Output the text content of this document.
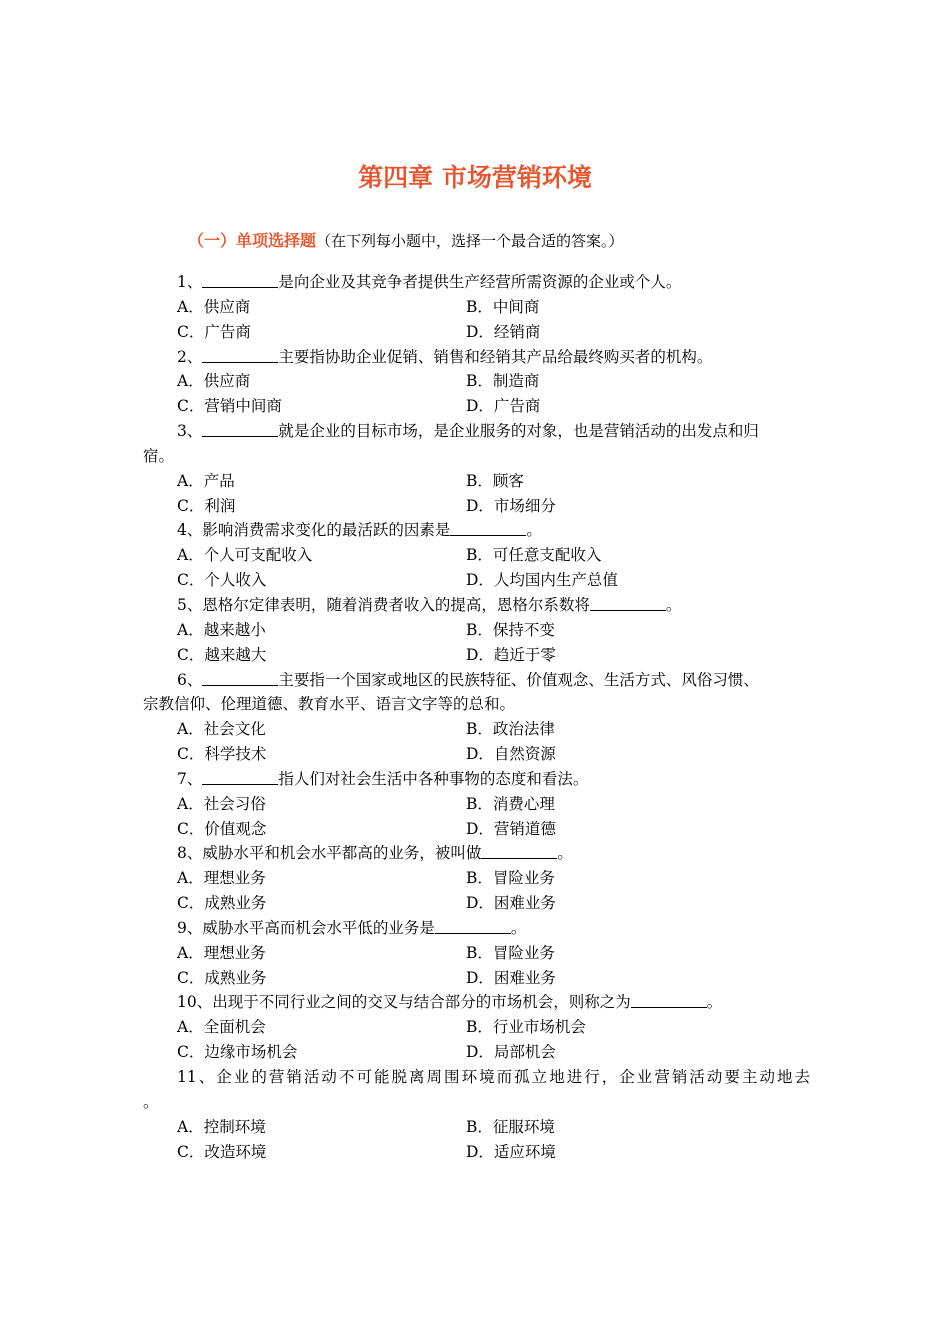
第四章 市场营销环境
（一）单项选择题（在下列每小题中，选择一个最合适的答案。）
1、	是向企业及其竞争者提供生产经营所需资源的企业或个人。
A．供应商	B．中间商
C．广告商	D．经销商
2、	主要指协助企业促销、销售和经销其产品给最终购买者的机构。
A．供应商	B．制造商
C．营销中间商	D．广告商
3、	就是企业的目标市场，是企业服务的对象，也是营销活动的出发点和归
宿。
A．产品	B．顾客
C．利润	D．市场细分
4、影响消费需求变化的最活跃的因素是	。
A．个人可支配收入	B．可任意支配收入
C．个人收入	D．人均国内生产总值
5、恩格尔定律表明，随着消费者收入的提高，恩格尔系数将	。
A．越来越小	B．保持不变
C．越来越大	D．趋近于零
6、	主要指一个国家或地区的民族特征、价值观念、生活方式、风俗习惯、
宗教信仰、伦理道德、教育水平、语言文字等的总和。
A．社会文化	B．政治法律
C．科学技术	D．自然资源
7、	指人们对社会生活中各种事物的态度和看法。
A．社会习俗	B．消费心理
C．价值观念	D．营销道德
8、威胁水平和机会水平都高的业务，被叫做	。
A．理想业务	B．冒险业务
C．成熟业务	D．困难业务
9、威胁水平高而机会水平低的业务是	。
A．理想业务	B．冒险业务
C．成熟业务	D．困难业务
10、出现于不同行业之间的交叉与结合部分的市场机会，则称之为	。
A．全面机会	B．行业市场机会
C．边缘市场机会	D．局部机会
11、企业的营销活动不可能脱离周围环境而孤立地进行，企业营销活动要主动地去
。
A．控制环境	B．征服环境
C．改造环境	D．适应环境
